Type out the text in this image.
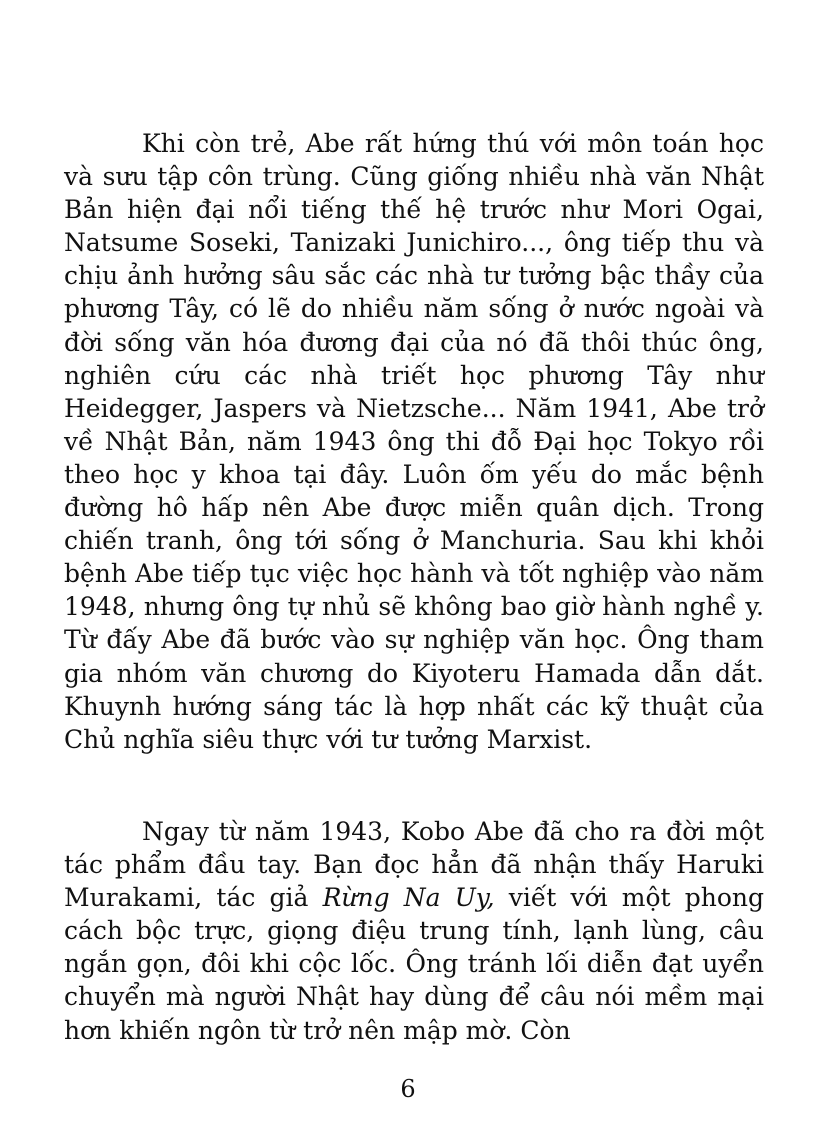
Khi còn trẻ, Abe rất hứng thú với môn toán học và sưu tập côn trùng. Cũng giống nhiều nhà văn Nhật Bản hiện đại nổi tiếng thế hệ trước như Mori Ogai, Natsume Soseki, Tanizaki Junichiro..., ông tiếp thu và chịu ảnh hưởng sâu sắc các nhà tư tưởng bậc thầy của phương Tây, có lẽ do nhiều năm sống ở nước ngoài và đời sống văn hóa đương đại của nó đã thôi thúc ông, nghiên cứu các nhà triết học phương Tây như Heidegger, Jaspers và Nietzsche... Năm 1941, Abe trở về Nhật Bản, năm 1943 ông thi đỗ Đại học Tokyo rồi theo học y khoa tại đây. Luôn ốm yếu do mắc bệnh đường hô hấp nên Abe được miễn quân dịch. Trong chiến tranh, ông tới sống ở Manchuria. Sau khi khỏi bệnh Abe tiếp tục việc học hành và tốt nghiệp vào năm 1948, nhưng ông tự nhủ sẽ không bao giờ hành nghề y. Từ đấy Abe đã bước vào sự nghiệp văn học. Ông tham gia nhóm văn chương do Kiyoteru Hamada dẫn dắt. Khuynh hướng sáng tác là hợp nhất các kỹ thuật của Chủ nghĩa siêu thực với tư tưởng Marxist.

Ngay từ năm 1943, Kobo Abe đã cho ra đời một tác phẩm đầu tay. Bạn đọc hẳn đã nhận thấy Haruki Murakami, tác giả Rừng Na Uy, viết với một phong cách bộc trực, giọng điệu trung tính, lạnh lùng, câu ngắn gọn, đôi khi cộc lốc. Ông tránh lối diễn đạt uyển chuyển mà người Nhật hay dùng để câu nói mềm mại hơn khiến ngôn từ trở nên mập mờ. Còn

6
